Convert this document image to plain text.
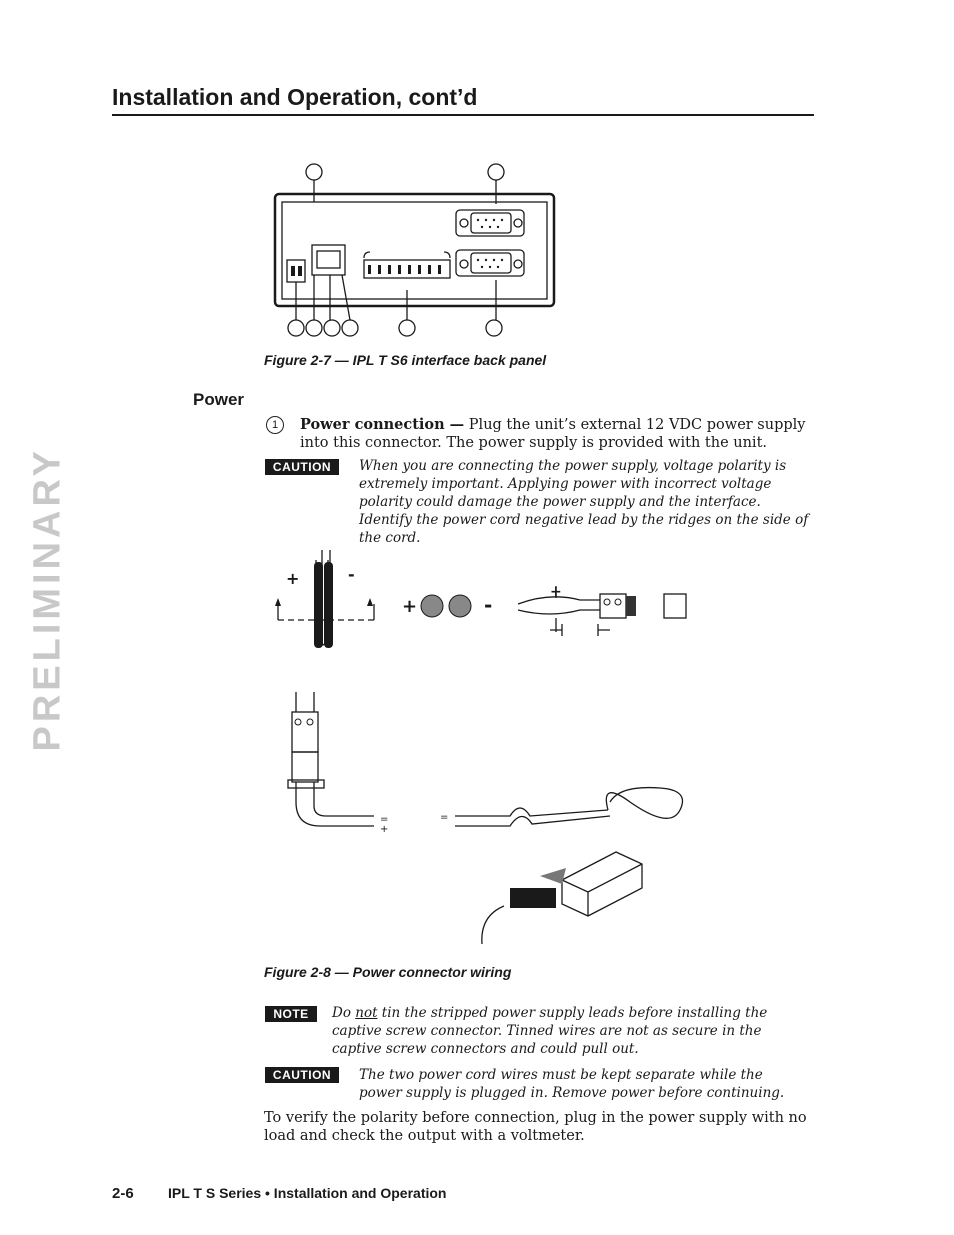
Installation and Operation, cont’d
PRELIMINARY
Figure 2-7 — IPL T S6 interface back panel
Power
1	Power connection — Plug the unit’s external 12 VDC power supply into this connector. The power supply is provided with the unit.
CAUTION	When you are connecting the power supply, voltage polarity is extremely important. Applying power with incorrect voltage polarity could damage the power supply and the interface. Identify the power cord negative lead by the ridges on the side of the cord.
+	-
+	-
+
=
+
=
Figure 2-8 — Power connector wiring
NOTE	Do not tin the stripped power supply leads before installing the captive screw connector. Tinned wires are not as secure in the captive screw connectors and could pull out.
CAUTION	The two power cord wires must be kept separate while the power supply is plugged in. Remove power before continuing.
To verify the polarity before connection, plug in the power supply with no load and check the output with a voltmeter.
2-6 IPL T S Series • Installation and Operation
